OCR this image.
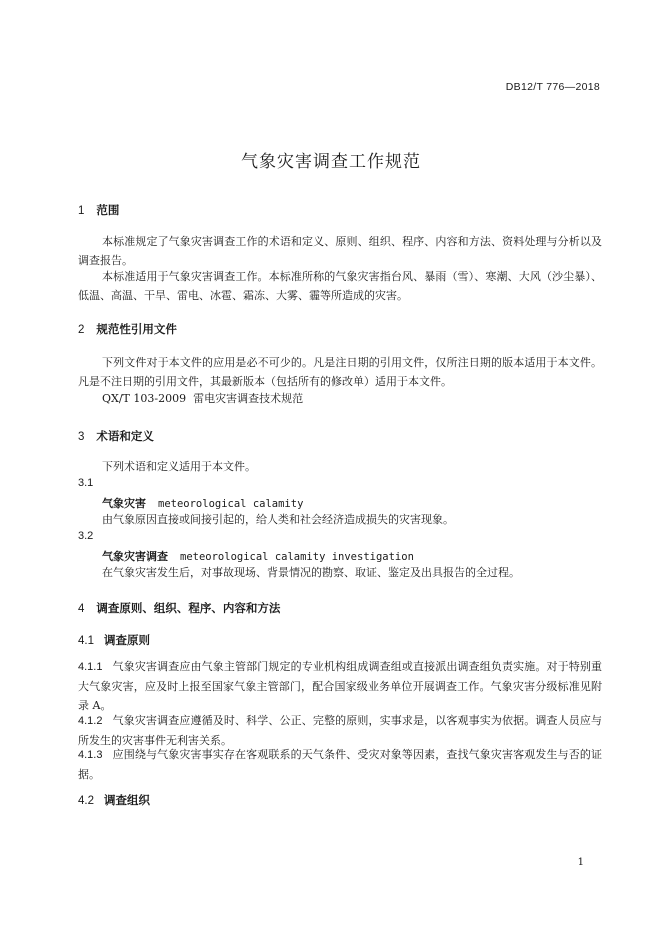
DB12/T 776—2018
气象灾害调查工作规范
1 范围
本标准规定了气象灾害调查工作的术语和定义、原则、组织、程序、内容和方法、资料处理与分析以及调查报告。
本标准适用于气象灾害调查工作。本标准所称的气象灾害指台风、暴雨（雪）、寒潮、大风（沙尘暴）、低温、高温、干旱、雷电、冰雹、霜冻、大雾、霾等所造成的灾害。
2 规范性引用文件
下列文件对于本文件的应用是必不可少的。凡是注日期的引用文件，仅所注日期的版本适用于本文件。凡是不注日期的引用文件，其最新版本（包括所有的修改单）适用于本文件。
QX/T 103-2009  雷电灾害调查技术规范
3 术语和定义
下列术语和定义适用于本文件。
3.1
气象灾害 meteorological calamity
由气象原因直接或间接引起的，给人类和社会经济造成损失的灾害现象。
3.2
气象灾害调查 meteorological calamity investigation
在气象灾害发生后，对事故现场、背景情况的勘察、取证、鉴定及出具报告的全过程。
4 调查原则、组织、程序、内容和方法
4.1 调查原则
4.1.1 气象灾害调查应由气象主管部门规定的专业机构组成调查组或直接派出调查组负责实施。对于特别重大气象灾害，应及时上报至国家气象主管部门，配合国家级业务单位开展调查工作。气象灾害分级标准见附录 A。
4.1.2 气象灾害调查应遵循及时、科学、公正、完整的原则，实事求是，以客观事实为依据。调查人员应与所发生的灾害事件无利害关系。
4.1.3 应围绕与气象灾害事实存在客观联系的天气条件、受灾对象等因素，查找气象灾害客观发生与否的证据。
4.2 调查组织
1
